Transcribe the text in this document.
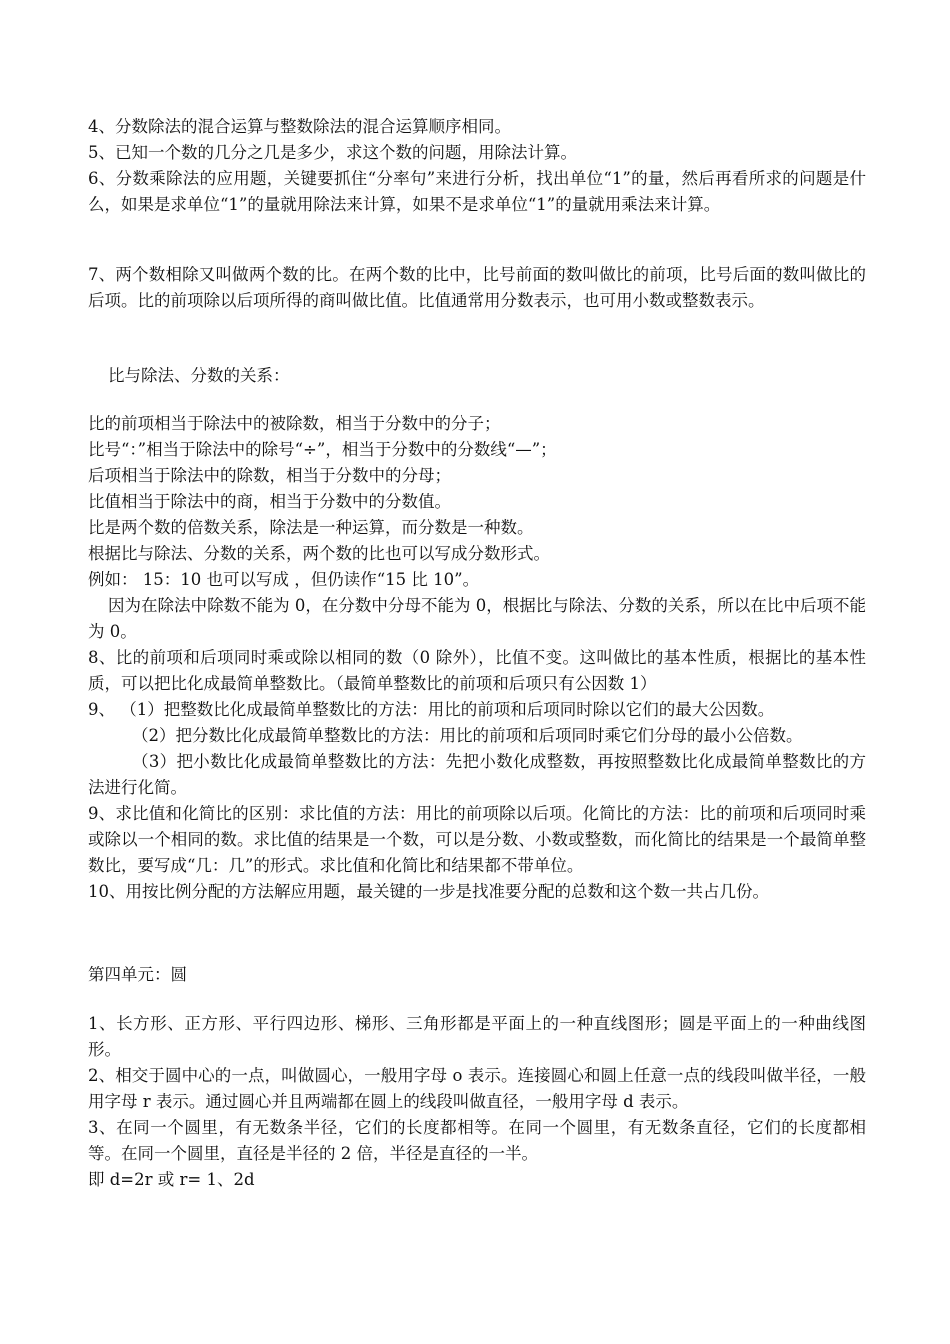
4、分数除法的混合运算与整数除法的混合运算顺序相同。

5、已知一个数的几分之几是多少，求这个数的问题，用除法计算。

6、分数乘除法的应用题，关键要抓住“分率句”来进行分析，找出单位“1”的量，然后再看所求的问题是什么，如果是求单位“1”的量就用除法来计算，如果不是求单位“1”的量就用乘法来计算。

7、两个数相除又叫做两个数的比。在两个数的比中，比号前面的数叫做比的前项，比号后面的数叫做比的后项。比的前项除以后项所得的商叫做比值。比值通常用分数表示，也可用小数或整数表示。

比与除法、分数的关系：

比的前项相当于除法中的被除数，相当于分数中的分子；

比号“：”相当于除法中的除号“÷”，相当于分数中的分数线“—”；

后项相当于除法中的除数，相当于分数中的分母；

比值相当于除法中的商，相当于分数中的分数值。

比是两个数的倍数关系，除法是一种运算，而分数是一种数。

根据比与除法、分数的关系，两个数的比也可以写成分数形式。

例如： 15：10 也可以写成 ，但仍读作“15 比 10”。

因为在除法中除数不能为 0，在分数中分母不能为 0，根据比与除法、分数的关系，所以在比中后项不能为 0。

8、比的前项和后项同时乘或除以相同的数（0 除外），比值不变。这叫做比的基本性质，根据比的基本性质，可以把比化成最简单整数比。（最简单整数比的前项和后项只有公因数 1）

9、 （1）把整数比化成最简单整数比的方法：用比的前项和后项同时除以它们的最大公因数。

（2）把分数比化成最简单整数比的方法：用比的前项和后项同时乘它们分母的最小公倍数。

（3）把小数比化成最简单整数比的方法：先把小数化成整数，再按照整数比化成最简单整数比的方法进行化简。

9、求比值和化简比的区别：求比值的方法：用比的前项除以后项。化简比的方法：比的前项和后项同时乘或除以一个相同的数。求比值的结果是一个数，可以是分数、小数或整数，而化简比的结果是一个最简单整数比，要写成“几：几”的形式。求比值和化简比和结果都不带单位。

10、用按比例分配的方法解应用题，最关键的一步是找准要分配的总数和这个数一共占几份。

第四单元：圆

1、长方形、正方形、平行四边形、梯形、三角形都是平面上的一种直线图形；圆是平面上的一种曲线图形。

2、相交于圆中心的一点，叫做圆心，一般用字母 o 表示。连接圆心和圆上任意一点的线段叫做半径，一般用字母 r 表示。通过圆心并且两端都在圆上的线段叫做直径，一般用字母 d 表示。

3、在同一个圆里，有无数条半径，它们的长度都相等。在同一个圆里，有无数条直径，它们的长度都相等。在同一个圆里，直径是半径的 2 倍，半径是直径的一半。

即 d=2r 或 r= 1、2d
